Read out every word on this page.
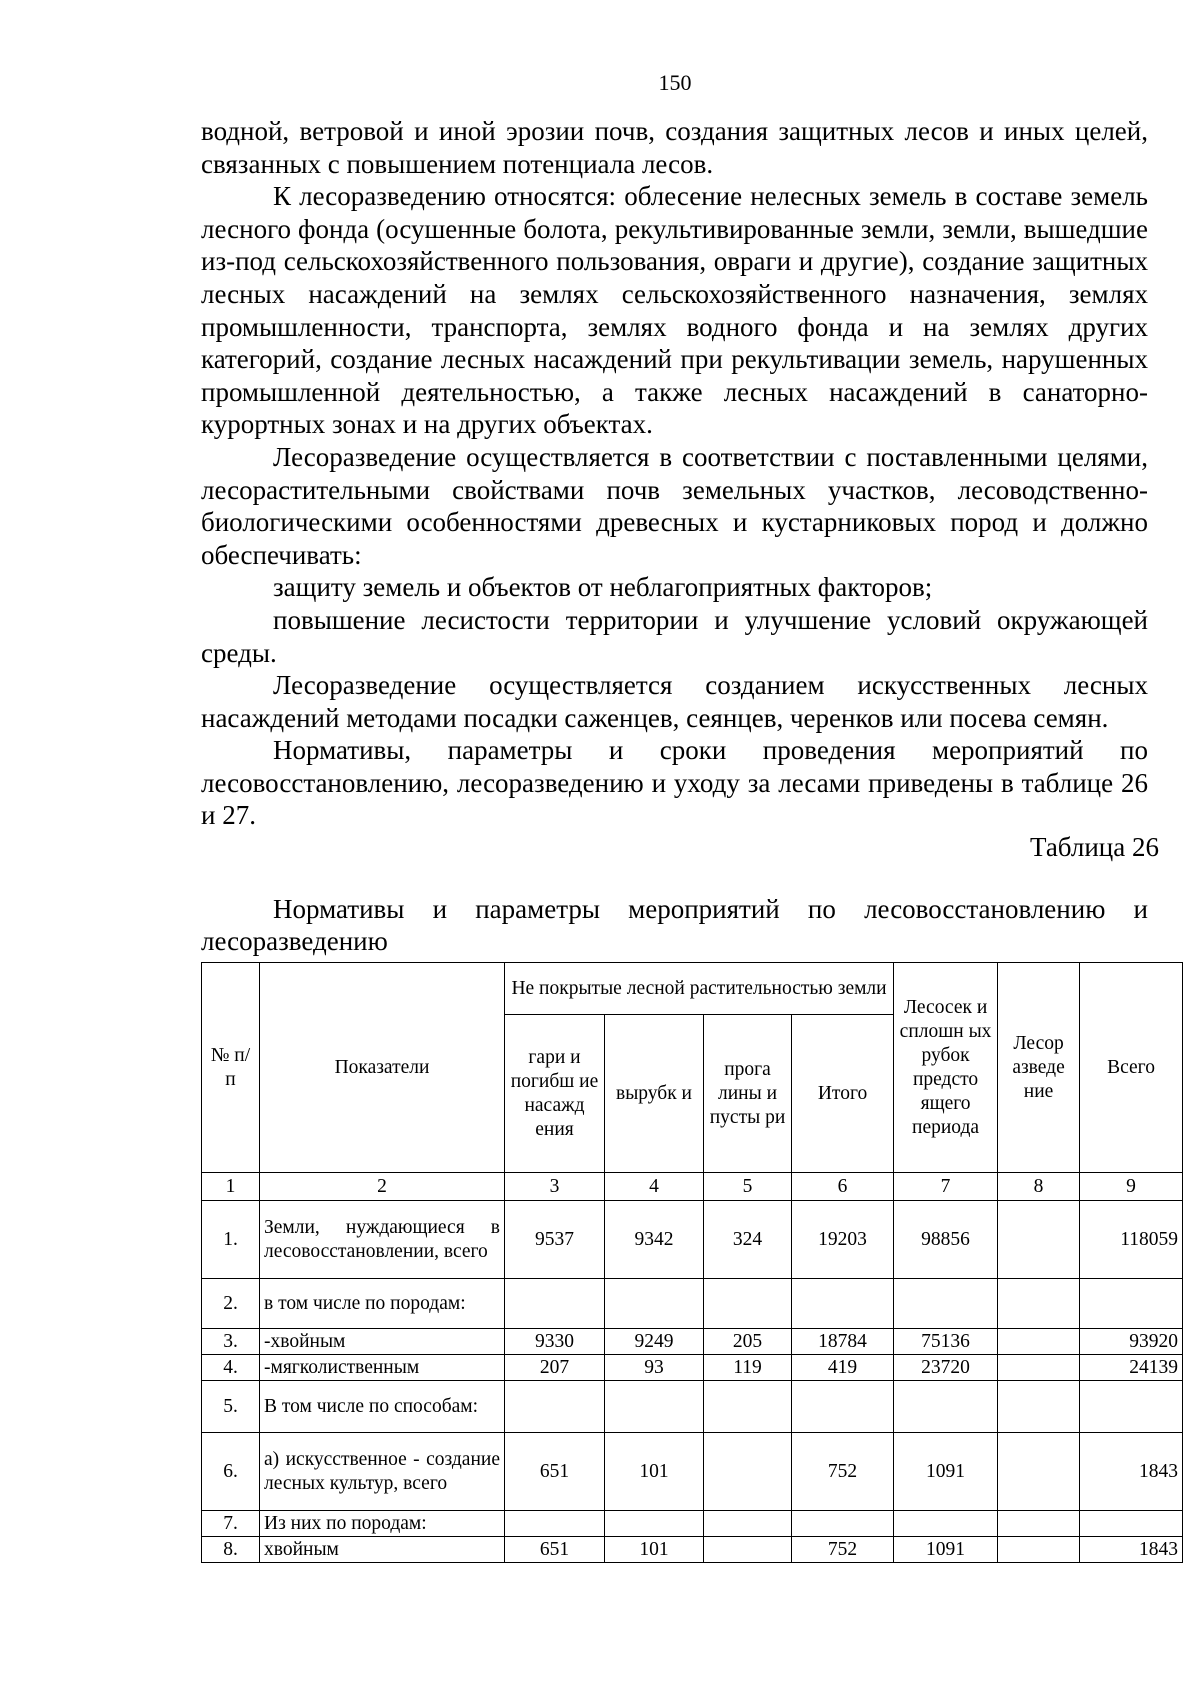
150

водной, ветровой и иной эрозии почв, создания защитных лесов и иных целей, связанных с повышением потенциала лесов.

К лесоразведению относятся: облесение нелесных земель в составе земель лесного фонда (осушенные болота, рекультивированные земли, земли, вышедшие из-под сельскохозяйственного пользования, овраги и другие), создание защитных лесных насаждений на землях сельскохозяйственного назначения, землях промышленности, транспорта, землях водного фонда и на землях других категорий, создание лесных насаждений при рекультивации земель, нарушенных промышленной деятельностью, а также лесных насаждений в санаторно-курортных зонах и на других объектах.

Лесоразведение осуществляется в соответствии с поставленными целями, лесорастительными свойствами почв земельных участков, лесоводственно-биологическими особенностями древесных и кустарниковых пород и должно обеспечивать:

защиту земель и объектов от неблагоприятных факторов;

повышение лесистости территории и улучшение условий окружающей среды.

Лесоразведение осуществляется созданием искусственных лесных насаждений методами посадки саженцев, сеянцев, черенков или посева семян.

Нормативы, параметры и сроки проведения мероприятий по лесовосстановлению, лесоразведению и уходу за лесами приведены в таблице 26 и 27.

Таблица 26

Нормативы и параметры мероприятий по лесовосстановлению и лесоразведению

№ п/п	Показатели	Не покрытые лесной растительностью земли				Лесосек и сплошн ых рубок предсто ящего периода	Лесор азведе ние	Всего
		гари и погибш ие насажд ения	вырубк и	прога лины и пусты ри	Итого			
1	2	3	4	5	6	7	8	9
1.	Земли, нуждающиеся в лесовосстановлении, всего	9537	9342	324	19203	98856		118059
2.	в том числе по породам:							
3.	-хвойным	9330	9249	205	18784	75136		93920
4.	-мягколиственным	207	93	119	419	23720		24139
5.	В том числе по способам:							
6.	а) искусственное - создание лесных культур, всего	651	101		752	1091		1843
7.	Из них по породам:							
8.	хвойным	651	101		752	1091		1843
